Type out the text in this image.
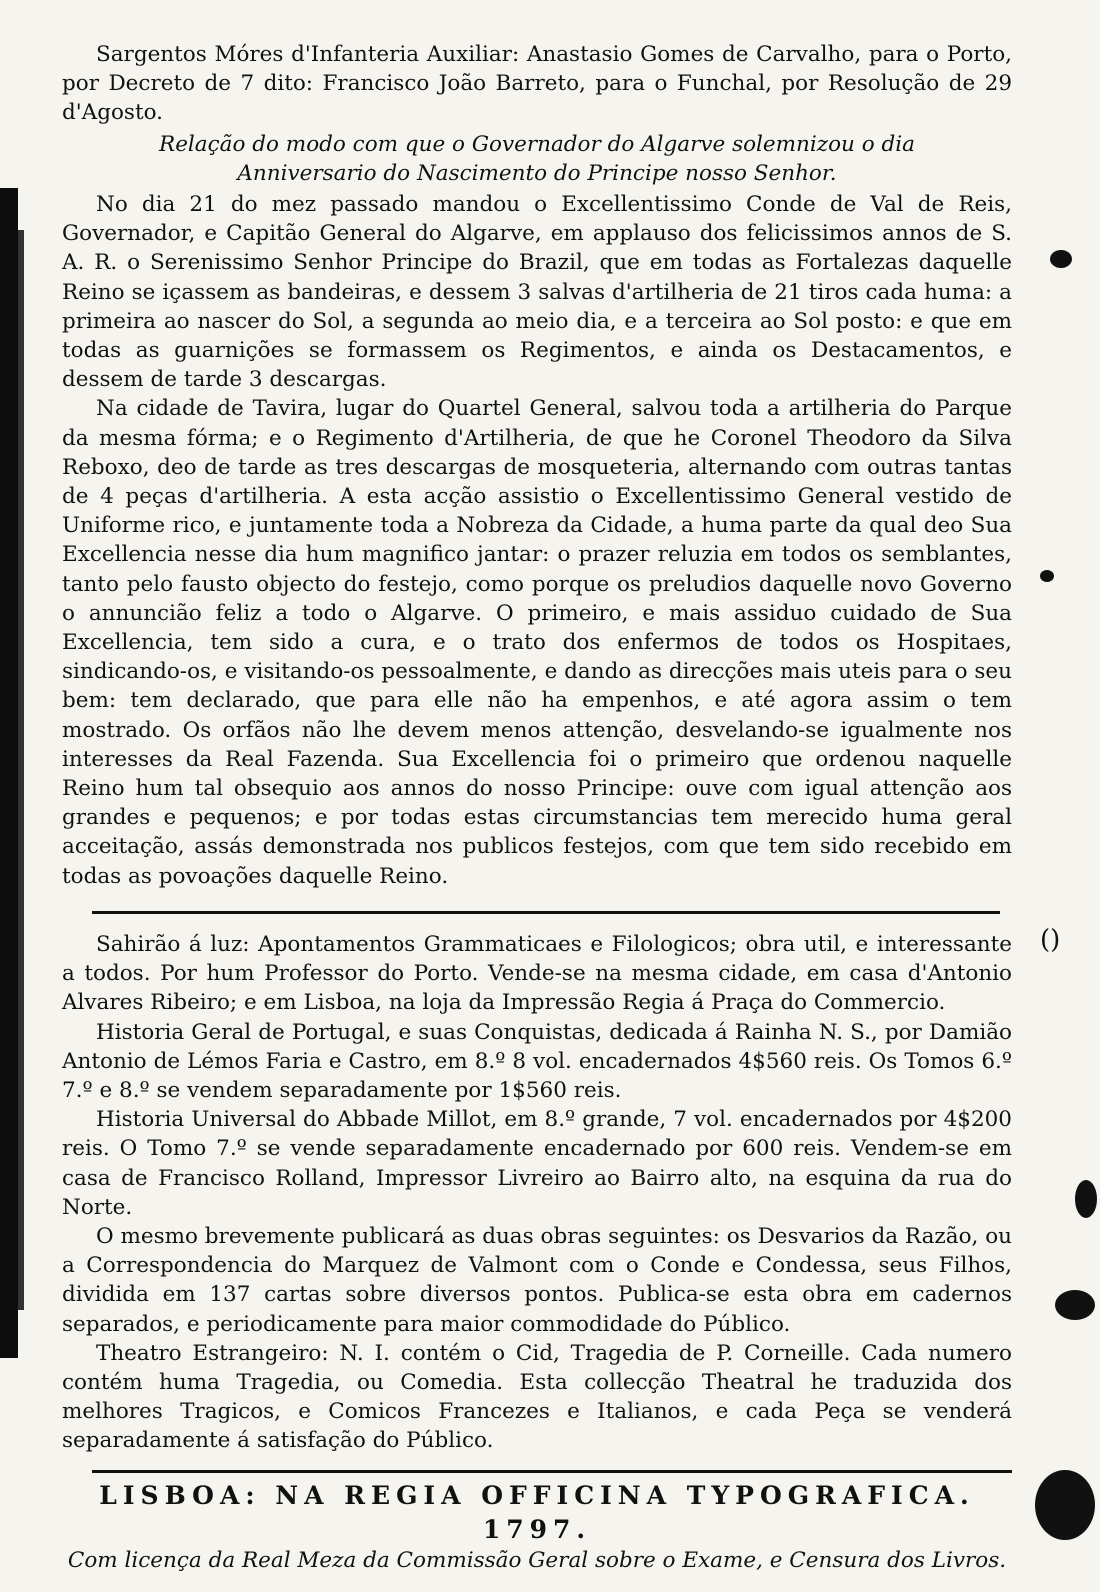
()

Sargentos Móres d'Infanteria Auxiliar: Anastasio Gomes de Carvalho, para o Porto, por Decreto de 7 dito: Francisco João Barreto, para o Funchal, por Resolução de 29 d'Agosto.

Relação do modo com que o Governador do Algarve solemnizou o dia Anniversario do Nascimento do Principe nosso Senhor.

No dia 21 do mez passado mandou o Excellentissimo Conde de Val de Reis, Governador, e Capitão General do Algarve, em applauso dos felicissimos annos de S. A. R. o Serenissimo Senhor Principe do Brazil, que em todas as Fortalezas daquelle Reino se içassem as bandeiras, e dessem 3 salvas d'artilheria de 21 tiros cada huma: a primeira ao nascer do Sol, a segunda ao meio dia, e a terceira ao Sol posto: e que em todas as guarnições se formassem os Regimentos, e ainda os Destacamentos, e dessem de tarde 3 descargas.

Na cidade de Tavira, lugar do Quartel General, salvou toda a artilheria do Parque da mesma fórma; e o Regimento d'Artilheria, de que he Coronel Theodoro da Silva Reboxo, deo de tarde as tres descargas de mosqueteria, alternando com outras tantas de 4 peças d'artilheria. A esta acção assistio o Excellentissimo General vestido de Uniforme rico, e juntamente toda a Nobreza da Cidade, a huma parte da qual deo Sua Excellencia nesse dia hum magnifico jantar: o prazer reluzia em todos os semblantes, tanto pelo fausto objecto do festejo, como porque os preludios daquelle novo Governo o annuncião feliz a todo o Algarve. O primeiro, e mais assiduo cuidado de Sua Excellencia, tem sido a cura, e o trato dos enfermos de todos os Hospitaes, sindicando-os, e visitando-os pessoalmente, e dando as direcções mais uteis para o seu bem: tem declarado, que para elle não ha empenhos, e até agora assim o tem mostrado. Os orfãos não lhe devem menos attenção, desvelando-se igualmente nos interesses da Real Fazenda. Sua Excellencia foi o primeiro que ordenou naquelle Reino hum tal obsequio aos annos do nosso Principe: ouve com igual attenção aos grandes e pequenos; e por todas estas circumstancias tem merecido huma geral acceitação, assás demonstrada nos publicos festejos, com que tem sido recebido em todas as povoações daquelle Reino.

Sahirão á luz: Apontamentos Grammaticaes e Filologicos; obra util, e interessante a todos. Por hum Professor do Porto. Vende-se na mesma cidade, em casa d'Antonio Alvares Ribeiro; e em Lisboa, na loja da Impressão Regia á Praça do Commercio.

Historia Geral de Portugal, e suas Conquistas, dedicada á Rainha N. S., por Damião Antonio de Lémos Faria e Castro, em 8.º 8 vol. encadernados 4$560 reis. Os Tomos 6.º 7.º e 8.º se vendem separadamente por 1$560 reis.

Historia Universal do Abbade Millot, em 8.º grande, 7 vol. encadernados por 4$200 reis. O Tomo 7.º se vende separadamente encadernado por 600 reis. Vendem-se em casa de Francisco Rolland, Impressor Livreiro ao Bairro alto, na esquina da rua do Norte.

O mesmo brevemente publicará as duas obras seguintes: os Desvarios da Razão, ou a Correspondencia do Marquez de Valmont com o Conde e Condessa, seus Filhos, dividida em 137 cartas sobre diversos pontos. Publica-se esta obra em cadernos separados, e periodicamente para maior commodidade do Público.

Theatro Estrangeiro: N. I. contém o Cid, Tragedia de P. Corneille. Cada numero contém huma Tragedia, ou Comedia. Esta collecção Theatral he traduzida dos melhores Tragicos, e Comicos Francezes e Italianos, e cada Peça se venderá separadamente á satisfação do Público.

LISBOA: NA REGIA OFFICINA TYPOGRAFICA. 1797.
Com licença da Real Meza da Commissão Geral sobre o Exame, e Censura dos Livros.
